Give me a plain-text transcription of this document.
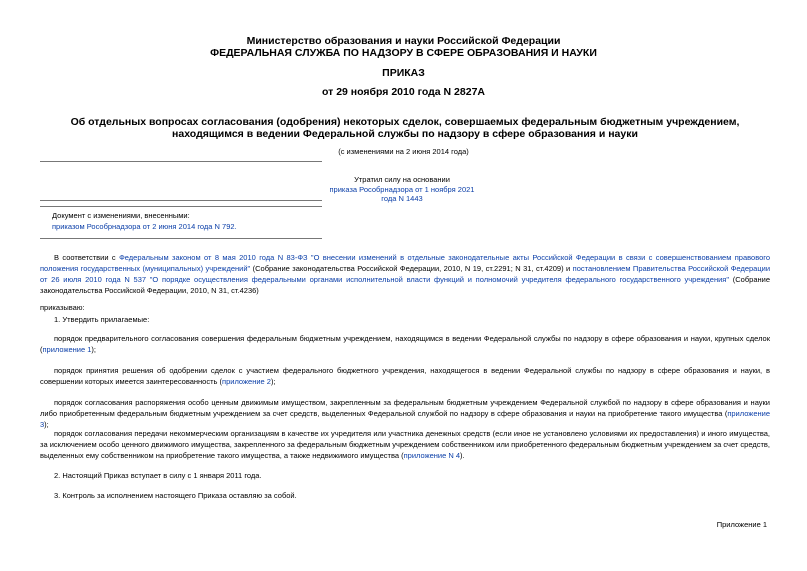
Министерство образования и науки Российской Федерации
ФЕДЕРАЛЬНАЯ СЛУЖБА ПО НАДЗОРУ В СФЕРЕ ОБРАЗОВАНИЯ И НАУКИ
ПРИКАЗ
от 29 ноября 2010 года N 2827А
Об отдельных вопросах согласования (одобрения) некоторых сделок, совершаемых федеральным бюджетным учреждением, находящимся в ведении Федеральной службы по надзору в сфере образования и науки
(с изменениями на 2 июня 2014 года)
Утратил силу на основании
приказа Рособрнадзора от 1 ноября 2021 года N 1443
Документ с изменениями, внесенными:
приказом Рособрнадзора от 2 июня 2014 года N 792.
В соответствии с Федеральным законом от 8 мая 2010 года N 83-ФЗ "О внесении изменений в отдельные законодательные акты Российской Федерации в связи с совершенствованием правового положения государственных (муниципальных) учреждений" (Собрание законодательства Российской Федерации, 2010, N 19, ст.2291; N 31, ст.4209) и постановлением Правительства Российской Федерации от 26 июля 2010 года N 537 "О порядке осуществления федеральными органами исполнительной власти функций и полномочий учредителя федерального государственного учреждения" (Собрание законодательства Российской Федерации, 2010, N 31, ст.4236)
приказываю:
1. Утвердить прилагаемые:
порядок предварительного согласования совершения федеральным бюджетным учреждением, находящимся в ведении Федеральной службы по надзору в сфере образования и науки, крупных сделок (приложение 1);
порядок принятия решения об одобрении сделок с участием федерального бюджетного учреждения, находящегося в ведении Федеральной службы по надзору в сфере образования и науки, в совершении которых имеется заинтересованность (приложение 2);
порядок согласования распоряжения особо ценным движимым имуществом, закрепленным за федеральным бюджетным учреждением Федеральной службой по надзору в сфере образования и науки либо приобретенным федеральным бюджетным учреждением за счет средств, выделенных Федеральной службой по надзору в сфере образования и науки на приобретение такого имущества (приложение 3);
порядок согласования передачи некоммерческим организациям в качестве их учредителя или участника денежных средств (если иное не установлено условиями их предоставления) и иного имущества, за исключением особо ценного движимого имущества, закрепленного за федеральным бюджетным учреждением собственником или приобретенного федеральным бюджетным учреждением за счет средств, выделенных ему собственником на приобретение такого имущества, а также недвижимого имущества (приложение N 4).
2. Настоящий Приказ вступает в силу с 1 января 2011 года.
3. Контроль за исполнением настоящего Приказа оставляю за собой.
Приложение 1
